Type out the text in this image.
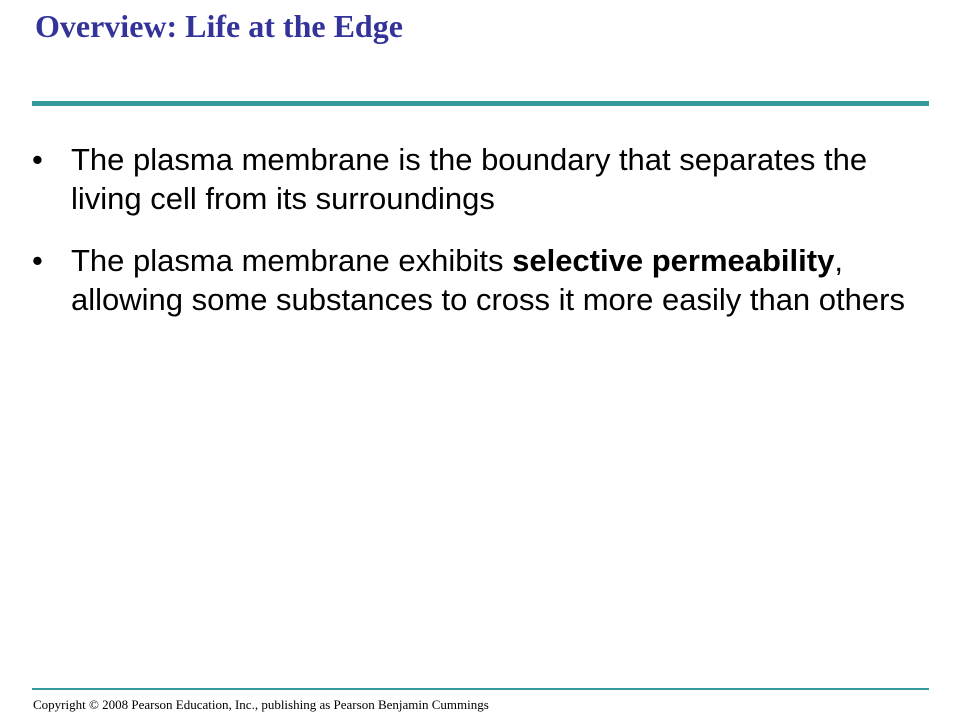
Overview: Life at the Edge
• The plasma membrane is the boundary that separates the living cell from its surroundings
• The plasma membrane exhibits selective permeability, allowing some substances to cross it more easily than others

Copyright © 2008 Pearson Education, Inc., publishing as Pearson Benjamin Cummings
